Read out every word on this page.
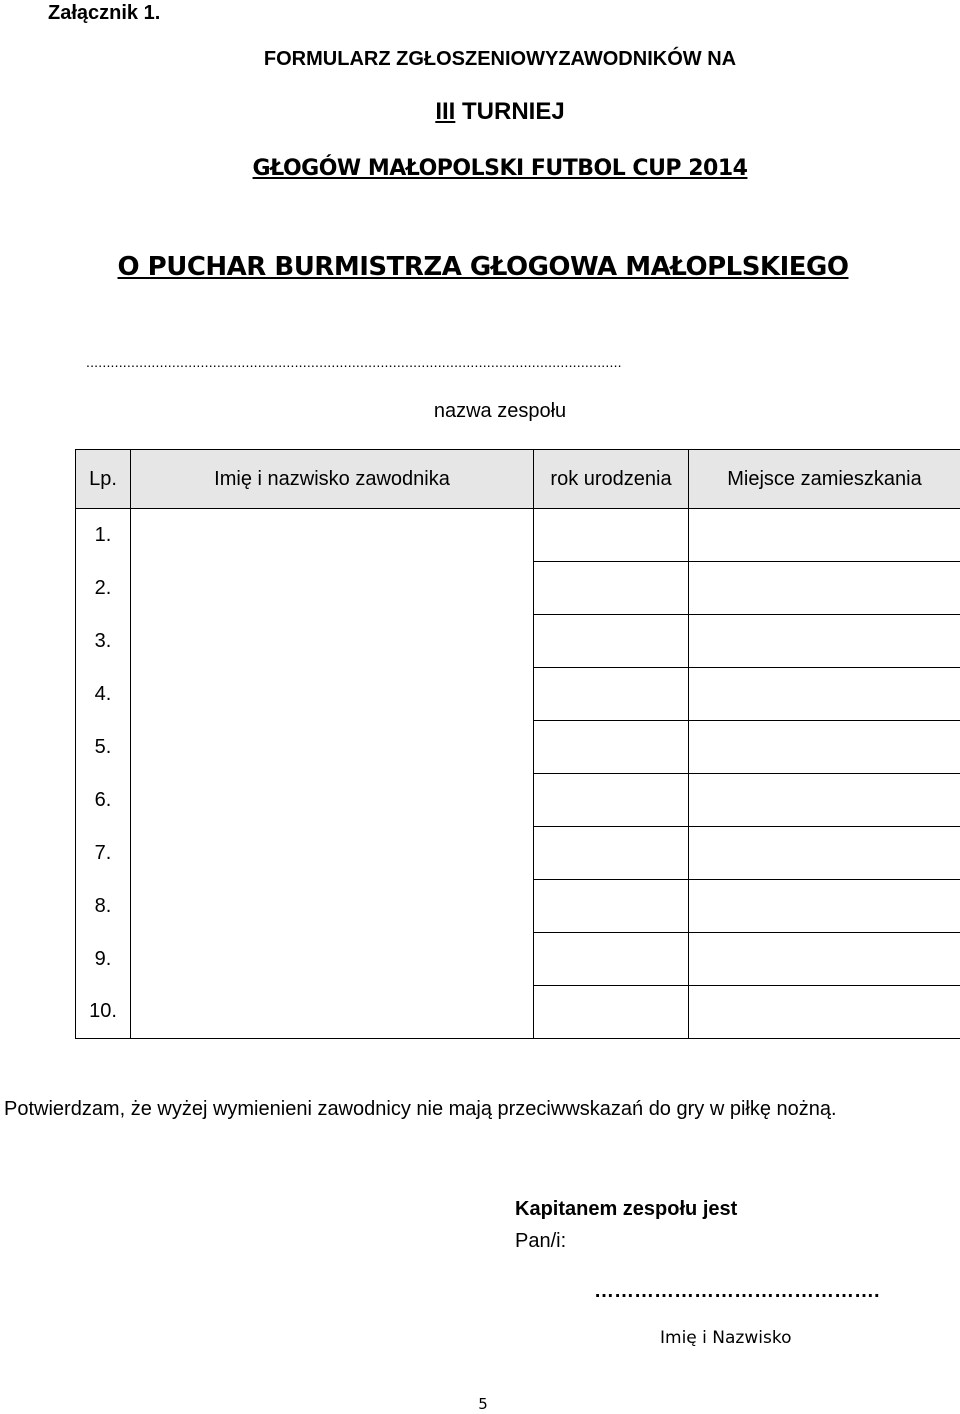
Załącznik 1.
FORMULARZ ZGŁOSZENIOWYZAWODNIKÓW NA
III TURNIEJ
GŁOGÓW MAŁOPOLSKI FUTBOL CUP 2014
O PUCHAR BURMISTRZA GŁOGOWA MAŁOPLSKIEGO
...................................................................................................................................
nazwa zespołu
Lp.	Imię i nazwisko zawodnika	rok urodzenia	Miejsce zamieszkania
1.			
2.			
3.			
4.			
5.			
6.			
7.			
8.			
9.			
10.			
Potwierdzam, że wyżej wymienieni zawodnicy nie mają przeciwwskazań do gry w piłkę nożną.
Kapitanem zespołu jest
Pan/i:
…………………………………….
Imię i Nazwisko
5
